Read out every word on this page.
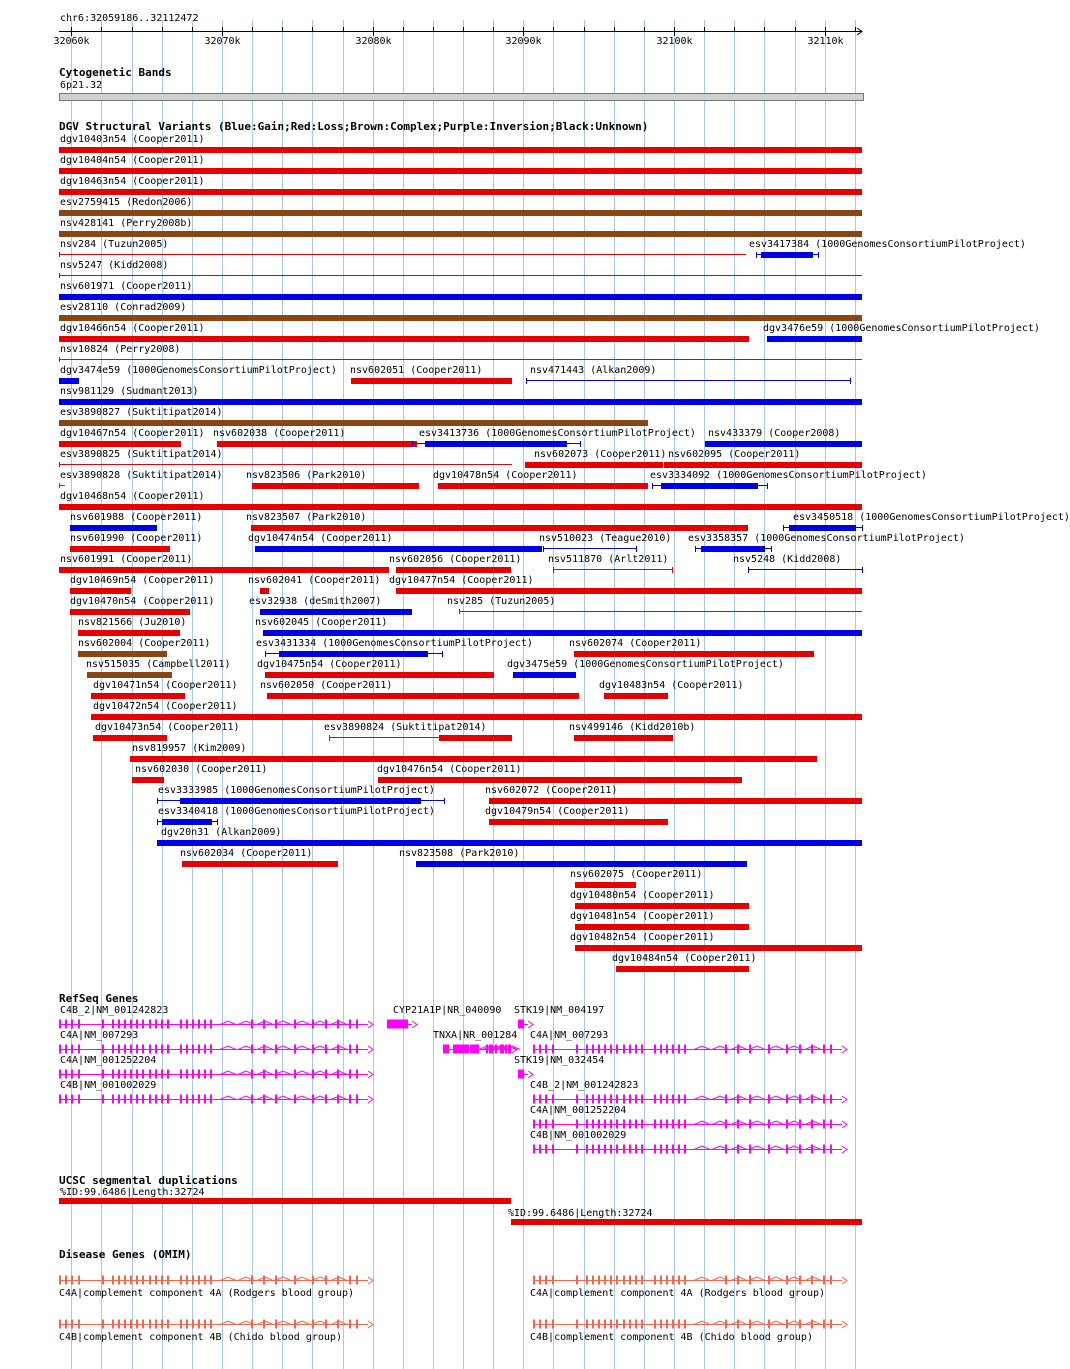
chr6:32059186..32112472
32060k	32070k	32080k	32090k	32100k	32110k
Cytogenetic Bands
6p21.32
DGV Structural Variants (Blue:Gain;Red:Loss;Brown:Complex;Purple:Inversion;Black:Unknown)
dgv10403n54 (Cooper2011)
dgv10404n54 (Cooper2011)
dgv10463n54 (Cooper2011)
esv2759415 (Redon2006)
nsv428141 (Perry2008b)
nsv284 (Tuzun2005)	esv3417384 (1000GenomesConsortiumPilotProject)
nsv5247 (Kidd2008)
nsv601971 (Cooper2011)
esv28110 (Conrad2009)
dgv10466n54 (Cooper2011)	dgv3476e59 (1000GenomesConsortiumPilotProject)
nsv10824 (Perry2008)
dgv3474e59 (1000GenomesConsortiumPilotProject) nsv602051 (Cooper2011)	nsv471443 (Alkan2009)
nsv981129 (Sudmant2013)
esv3890827 (Suktitipat2014)
dgv10467n54 (Cooper2011) nsv602038 (Cooper2011)	esv3413736 (1000GenomesConsortiumPilotProject) nsv433379 (Cooper2008)
esv3890825 (Suktitipat2014)	nsv602073 (Cooper2011) nsv602095 (Cooper2011)
esv3890828 (Suktitipat2014) nsv823506 (Park2010)	dgv10478n54 (Cooper2011)	esv3334092 (1000GenomesConsortiumPilotProject)
dgv10468n54 (Cooper2011)
nsv601988 (Cooper2011)	nsv823507 (Park2010)	esv3450518 (1000GenomesConsortiumPilotProject)
nsv601990 (Cooper2011)	dgv10474n54 (Cooper2011)	nsv510023 (Teague2010) esv3358357 (1000GenomesConsortiumPilotProject)
nsv601991 (Cooper2011)	nsv602056 (Cooper2011)	nsv511870 (Arlt2011)	nsv5248 (Kidd2008)
dgv10469n54 (Cooper2011)	nsv602041 (Cooper2011) dgv10477n54 (Cooper2011)
dgv10470n54 (Cooper2011)	esv32938 (deSmith2007)	nsv285 (Tuzun2005)
nsv821566 (Ju2010)	nsv602045 (Cooper2011)
nsv602004 (Cooper2011)	esv3431334 (1000GenomesConsortiumPilotProject)	nsv602074 (Cooper2011)
nsv515035 (Campbell2011)	dgv10475n54 (Cooper2011)	dgv3475e59 (1000GenomesConsortiumPilotProject)
dgv10471n54 (Cooper2011) nsv602050 (Cooper2011)	dgv10483n54 (Cooper2011)
dgv10472n54 (Cooper2011)
dgv10473n54 (Cooper2011)	esv3890824 (Suktitipat2014)	nsv499146 (Kidd2010b)
nsv819957 (Kim2009)
nsv602030 (Cooper2011)	dgv10476n54 (Cooper2011)
esv3333985 (1000GenomesConsortiumPilotProject)	nsv602072 (Cooper2011)
esv3340418 (1000GenomesConsortiumPilotProject)	dgv10479n54 (Cooper2011)
dgv20n31 (Alkan2009)
nsv602034 (Cooper2011)	nsv823508 (Park2010)
nsv602075 (Cooper2011)
dgv10480n54 (Cooper2011)
dgv10481n54 (Cooper2011)
dgv10482n54 (Cooper2011)
dgv10484n54 (Cooper2011)
RefSeq Genes
C4B_2|NM_001242823
C4A|NM_007293
C4A|NM_001252204
C4B|NM_001002029
CYP21A1P|NR_040090
TNXA|NR_001284
STK19|NM_004197
STK19|NM_032454
C4A|NM_007293
C4B_2|NM_001242823
C4A|NM_001252204
C4B|NM_001002029
UCSC segmental duplications
%ID:99.6486|Length:32724
%ID:99.6486|Length:32724
Disease Genes (OMIM)
C4A|complement component 4A (Rodgers blood group)
C4B|complement component 4B (Chido blood group)
C4A|complement component 4A (Rodgers blood group)
C4B|complement component 4B (Chido blood group)
